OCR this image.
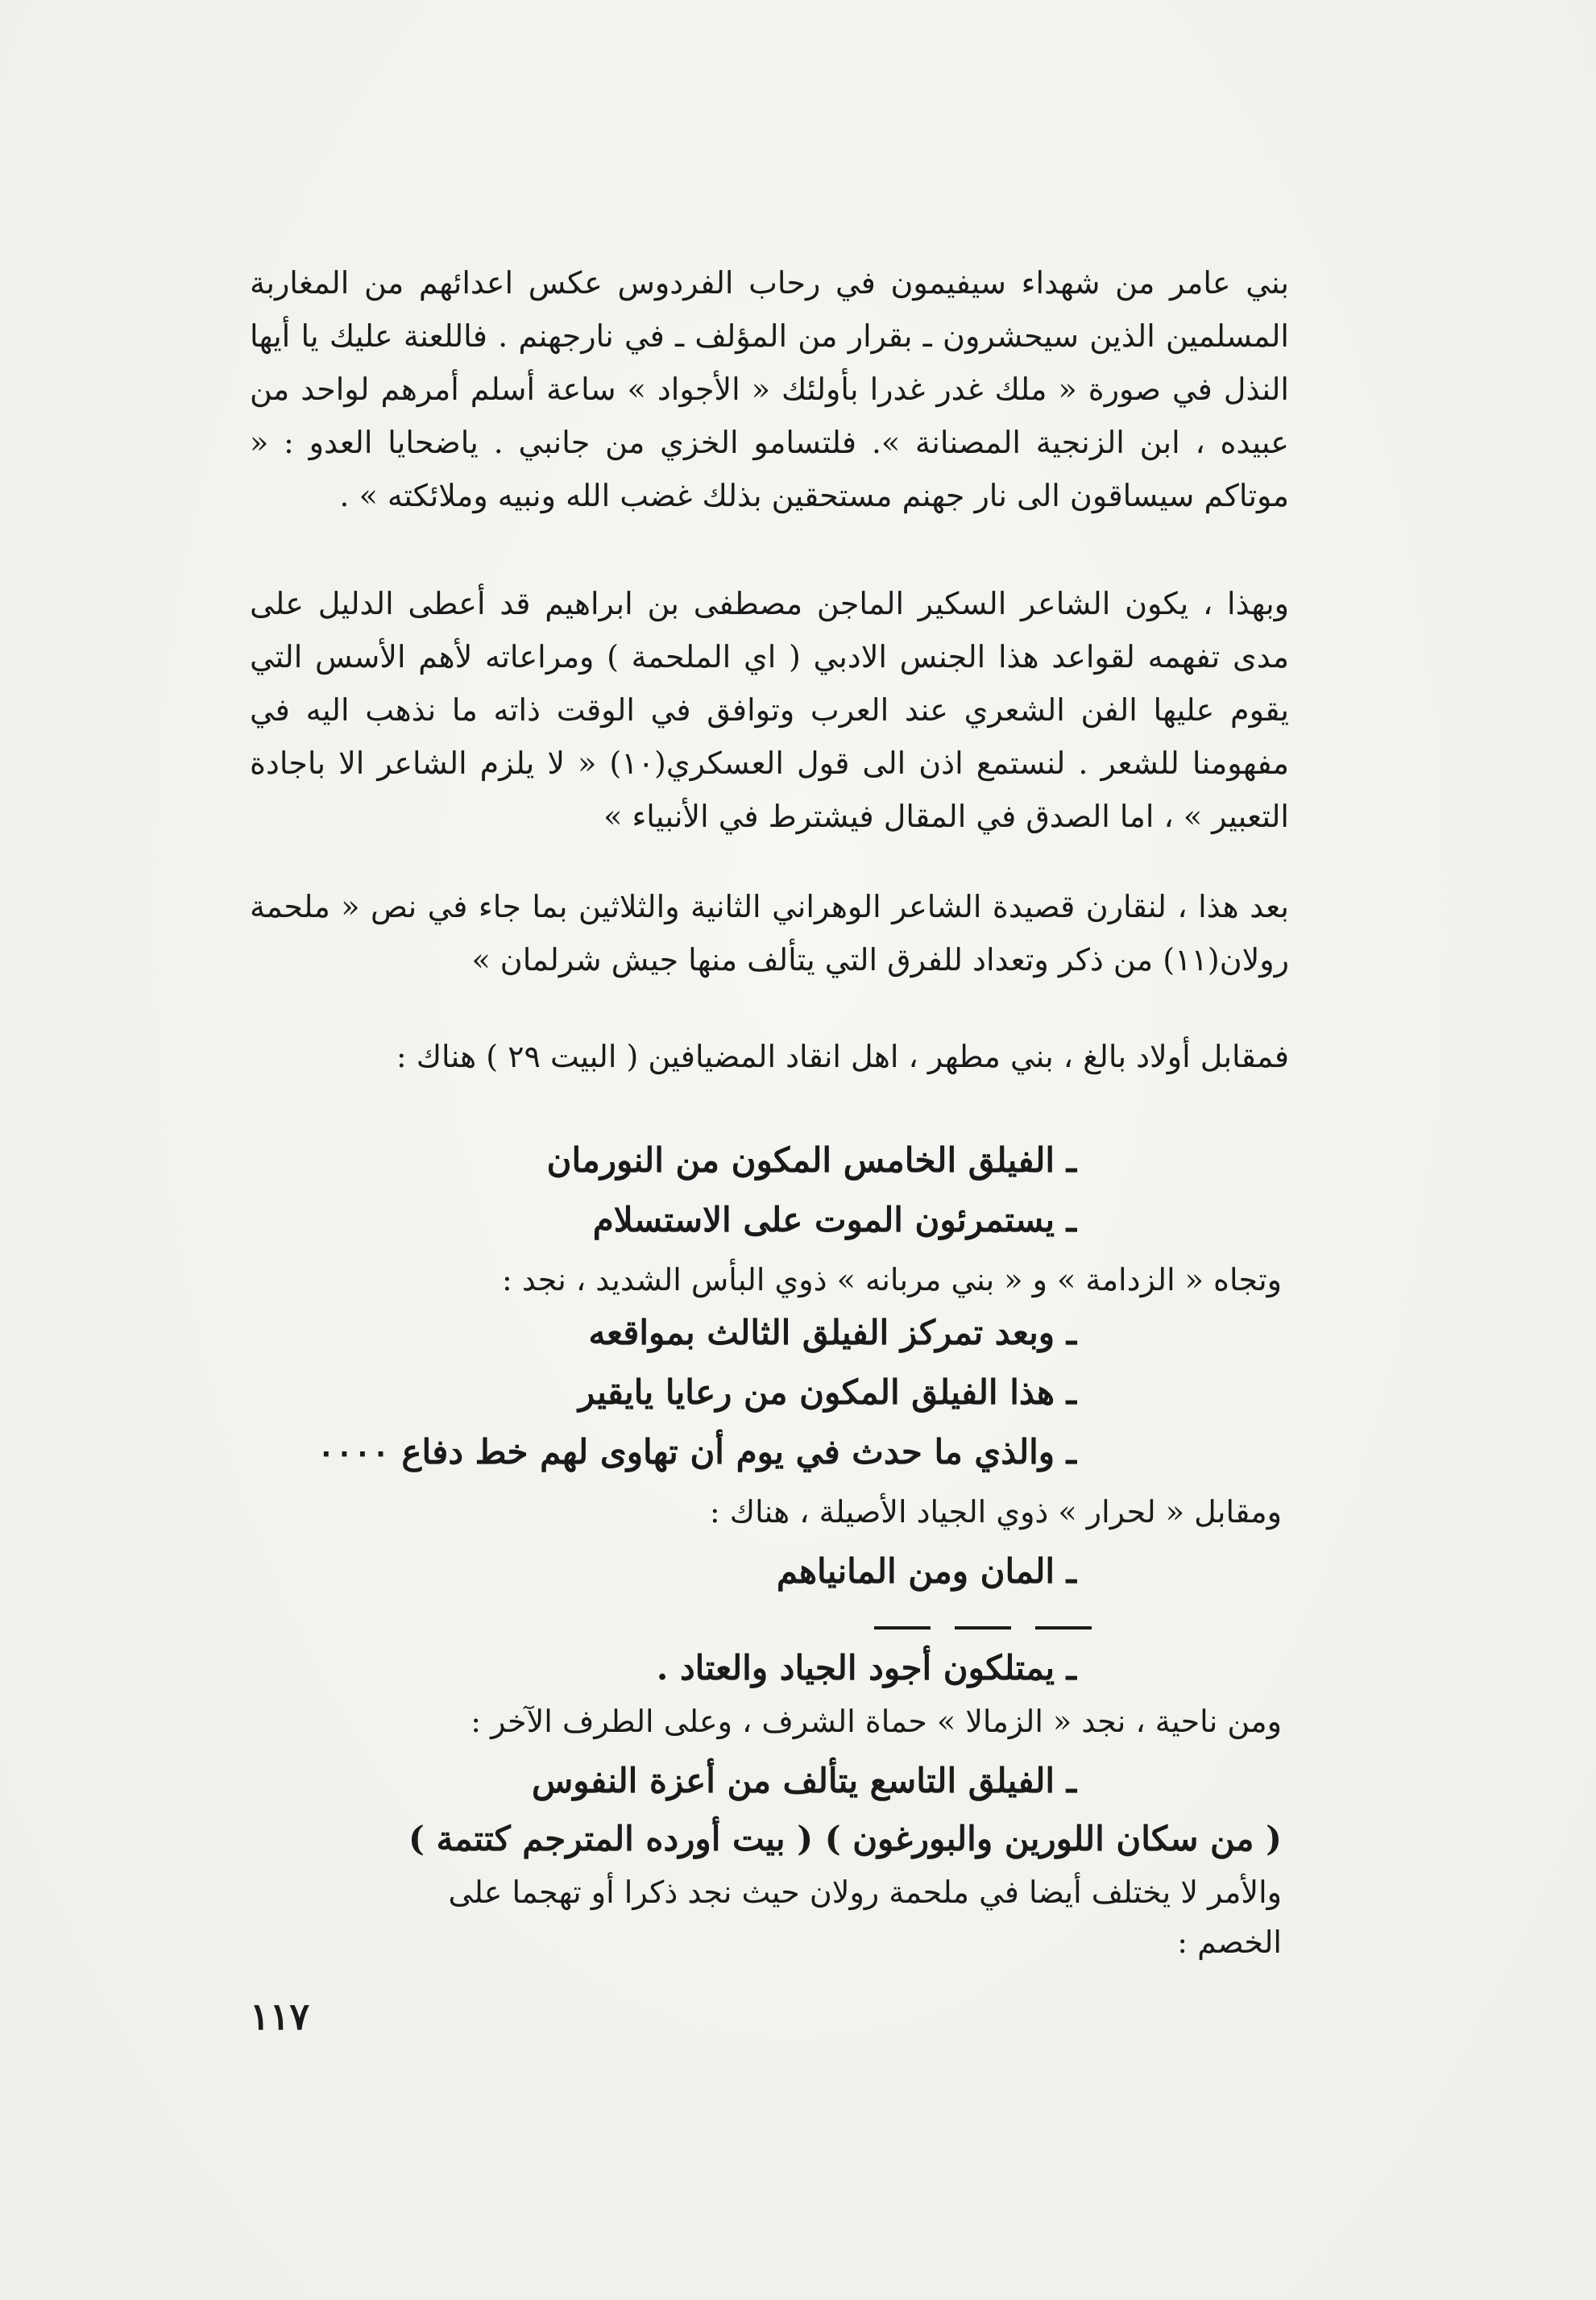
بني عامر من شهداء سيفيمون في رحاب الفردوس عكس اعدائهم من المغاربة المسلمين الذين سيحشرون ـ بقرار من المؤلف ـ في نارجهنم . فاللعنة عليك يا أيها النذل في صورة « ملك غدر غدرا بأولئك « الأجواد » ساعة أسلم أمرهم لواحد من عبيده ، ابن الزنجية المصنانة ». فلتسامو الخزي من جانبي . ياضحايا العدو : « موتاكم سيساقون الى نار جهنم مستحقين بذلك غضب الله ونبيه وملائكته » .
وبهذا ، يكون الشاعر السكير الماجن مصطفى بن ابراهيم قد أعطى الدليل على مدى تفهمه لقواعد هذا الجنس الادبي ( اي الملحمة ) ومراعاته لأهم الأسس التي يقوم عليها الفن الشعري عند العرب وتوافق في الوقت ذاته ما نذهب اليه في مفهومنا للشعر . لنستمع اذن الى قول العسكري(١٠) « لا يلزم الشاعر الا باجادة التعبير » ، اما الصدق في المقال فيشترط في الأنبياء »
بعد هذا ، لنقارن قصيدة الشاعر الوهراني الثانية والثلاثين بما جاء في نص « ملحمة رولان(١١) من ذكر وتعداد للفرق التي يتألف منها جيش شرلمان »
فمقابل أولاد بالغ ، بني مطهر ، اهل انقاد المضيافين ( البيت ٢٩ ) هناك :
ـ الفيلق الخامس المكون من النورمان
ـ يستمرئون الموت على الاستسلام
وتجاه « الزدامة » و « بني مربانه » ذوي البأس الشديد ، نجد :
ـ وبعد تمركز الفيلق الثالث بمواقعه
ـ هذا الفيلق المكون من رعايا يايقير
ـ والذي ما حدث في يوم أن تهاوى لهم خط دفاع ٠٠٠٠
ومقابل « لحرار » ذوي الجياد الأصيلة ، هناك :
ـ المان ومن المانياهم
ـ يمتلكون أجود الجياد والعتاد .
ومن ناحية ، نجد « الزمالا » حماة الشرف ، وعلى الطرف الآخر :
ـ الفيلق التاسع يتألف من أعزة النفوس
( من سكان اللورين والبورغون ) ( بيت أورده المترجم كتتمة )
والأمر لا يختلف أيضا في ملحمة رولان حيث نجد ذكرا أو تهجما على
الخصم :
١١٧
